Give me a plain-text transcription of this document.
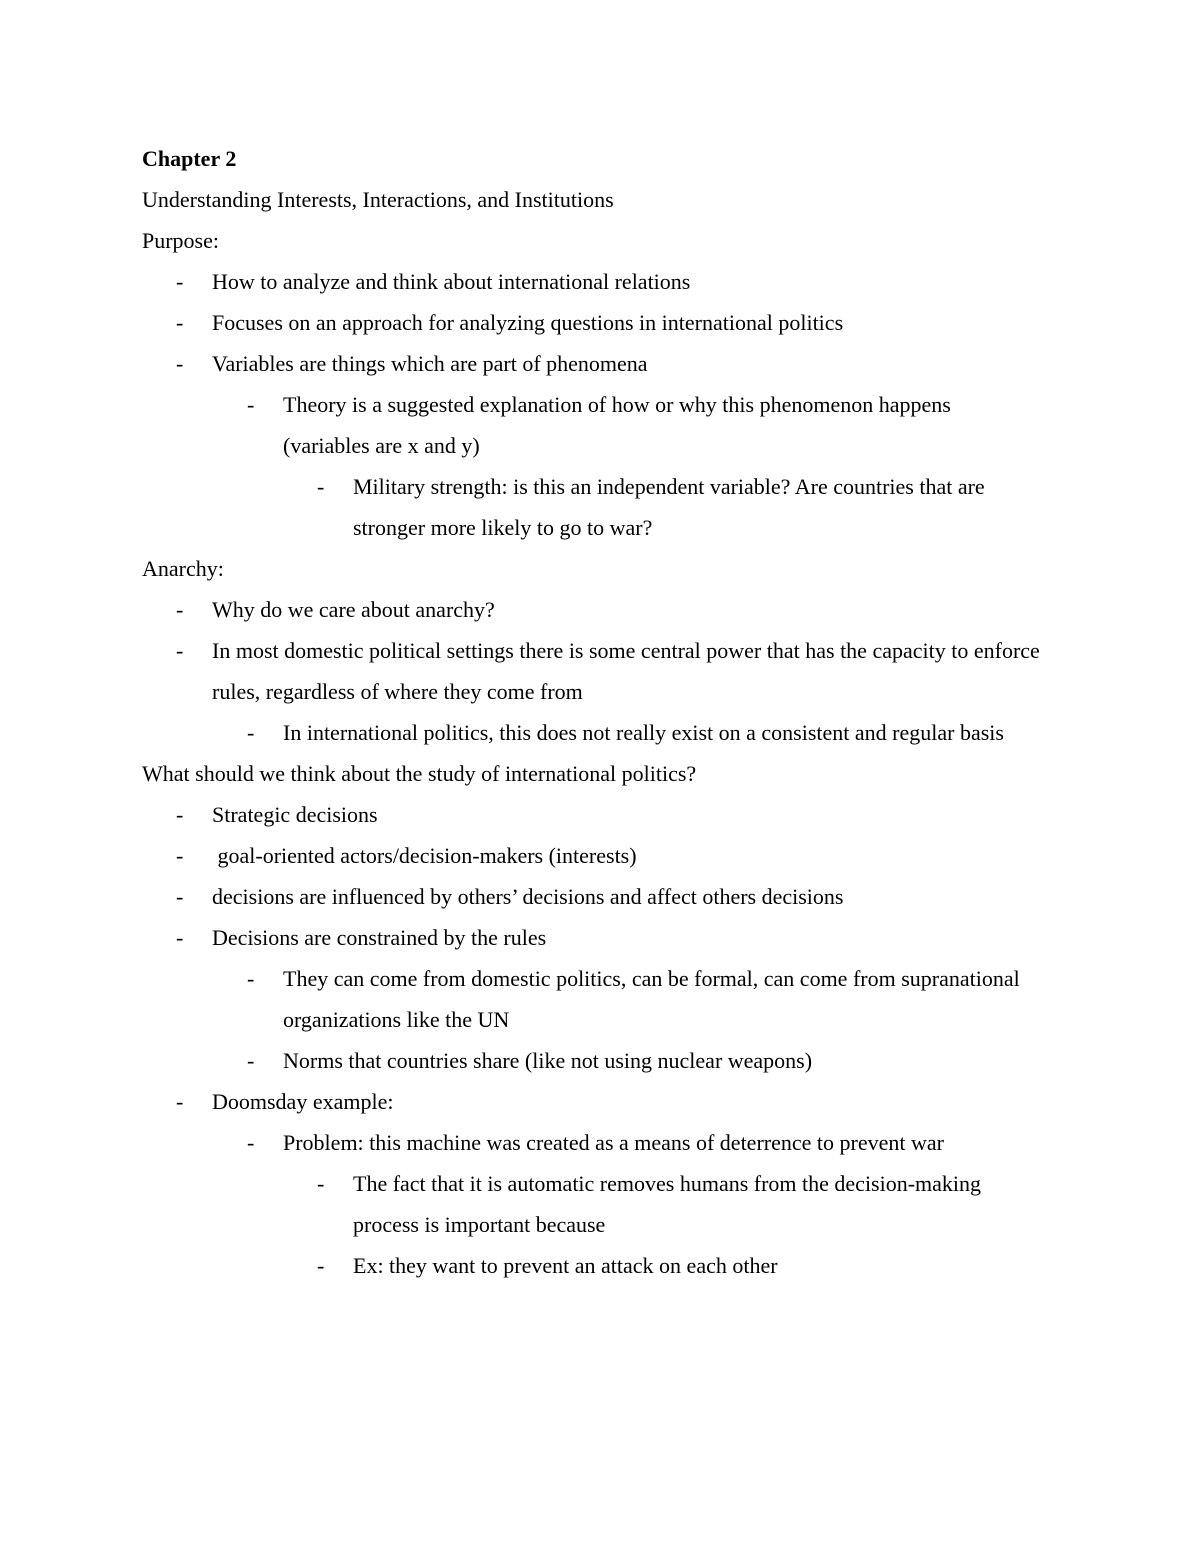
Chapter 2
Understanding Interests, Interactions, and Institutions
Purpose:
- How to analyze and think about international relations
- Focuses on an approach for analyzing questions in international politics
- Variables are things which are part of phenomena
- Theory is a suggested explanation of how or why this phenomenon happens (variables are x and y)
- Military strength: is this an independent variable? Are countries that are stronger more likely to go to war?
Anarchy:
- Why do we care about anarchy?
- In most domestic political settings there is some central power that has the capacity to enforce rules, regardless of where they come from
- In international politics, this does not really exist on a consistent and regular basis
What should we think about the study of international politics?
- Strategic decisions
- goal-oriented actors/decision-makers (interests)
- decisions are influenced by others’ decisions and affect others decisions
- Decisions are constrained by the rules
- They can come from domestic politics, can be formal, can come from supranational organizations like the UN
- Norms that countries share (like not using nuclear weapons)
- Doomsday example:
- Problem: this machine was created as a means of deterrence to prevent war
- The fact that it is automatic removes humans from the decision-making process is important because
- Ex: they want to prevent an attack on each other
